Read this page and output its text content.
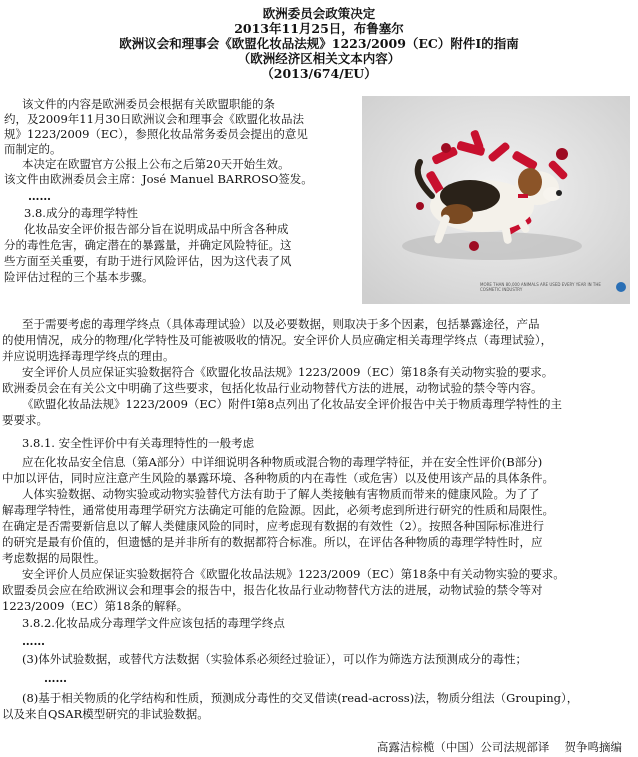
欧洲委员会政策决定
2013年11月25日，布鲁塞尔
欧洲议会和理事会《欧盟化妆品法规》1223/2009（EC）附件I的指南
（欧洲经济区相关文本内容）
（2013/674/EU）
该文件的内容是欧洲委员会根据有关欧盟职能的条
约，及2009年11月30日欧洲议会和理事会《欧盟化妆品法
规》1223/2009（EC），参照化妆品常务委员会提出的意见
而制定的。
本决定在欧盟官方公报上公布之后第20天开始生效。
该文件由欧洲委员会主席：José Manuel BARROSO签发。
……
3.8.成分的毒理学特性
化妆品安全评价报告部分旨在说明成品中所含各种成
分的毒性危害，确定潜在的暴露量，并确定风险特征。这
些方面至关重要，有助于进行风险评估，因为这代表了风
险评估过程的三个基本步骤。
MORE THAN 80,000 ANIMALS ARE USED EVERY YEAR IN THE COSMETIC INDUSTRY
至于需要考虑的毒理学终点（具体毒理试验）以及必要数据，则取决于多个因素，包括暴露途径，产品
的使用情况，成分的物理/化学特性及可能被吸收的情况。安全评价人员应确定相关毒理学终点（毒理试验），
并应说明选择毒理学终点的理由。
安全评价人员应保证实验数据符合《欧盟化妆品法规》1223/2009（EC）第18条有关动物实验的要求。
欧洲委员会在有关公文中明确了这些要求，包括化妆品行业动物替代方法的进展，动物试验的禁令等内容。
《欧盟化妆品法规》1223/2009（EC）附件I第8点列出了化妆品安全评价报告中关于物质毒理学特性的主
要要求。
3.8.1. 安全性评价中有关毒理特性的一般考虑
应在化妆品安全信息（第A部分）中详细说明各种物质或混合物的毒理学特征，并在安全性评价(B部分)
中加以评估，同时应注意产生风险的暴露环境、各种物质的内在毒性（或危害）以及使用该产品的具体条件。
人体实验数据、动物实验或动物实验替代方法有助于了解人类接触有害物质而带来的健康风险。为了了
解毒理学特性，通常使用毒理学研究方法确定可能的危险源。因此，必须考虑到所进行研究的性质和局限性。
在确定是否需要新信息以了解人类健康风险的同时，应考虑现有数据的有效性（2）。按照各种国际标准进行
的研究是最有价值的，但遗憾的是并非所有的数据都符合标准。所以，在评估各种物质的毒理学特性时，应
考虑数据的局限性。
安全评价人员应保证实验数据符合《欧盟化妆品法规》1223/2009（EC）第18条中有关动物实验的要求。
欧盟委员会应在给欧洲议会和理事会的报告中，报告化妆品行业动物替代方法的进展，动物试验的禁令等对
1223/2009（EC）第18条的解释。
3.8.2.化妆品成分毒理学文件应该包括的毒理学终点
……
(3)体外试验数据，或替代方法数据（实验体系必须经过验证），可以作为筛选方法预测成分的毒性；
……
(8)基于相关物质的化学结构和性质，预测成分毒性的交叉借读(read-across)法，物质分组法（Grouping），
以及来自QSAR模型研究的非试验数据。
高露洁棕榄（中国）公司法规部译　 贺争鸣摘编
